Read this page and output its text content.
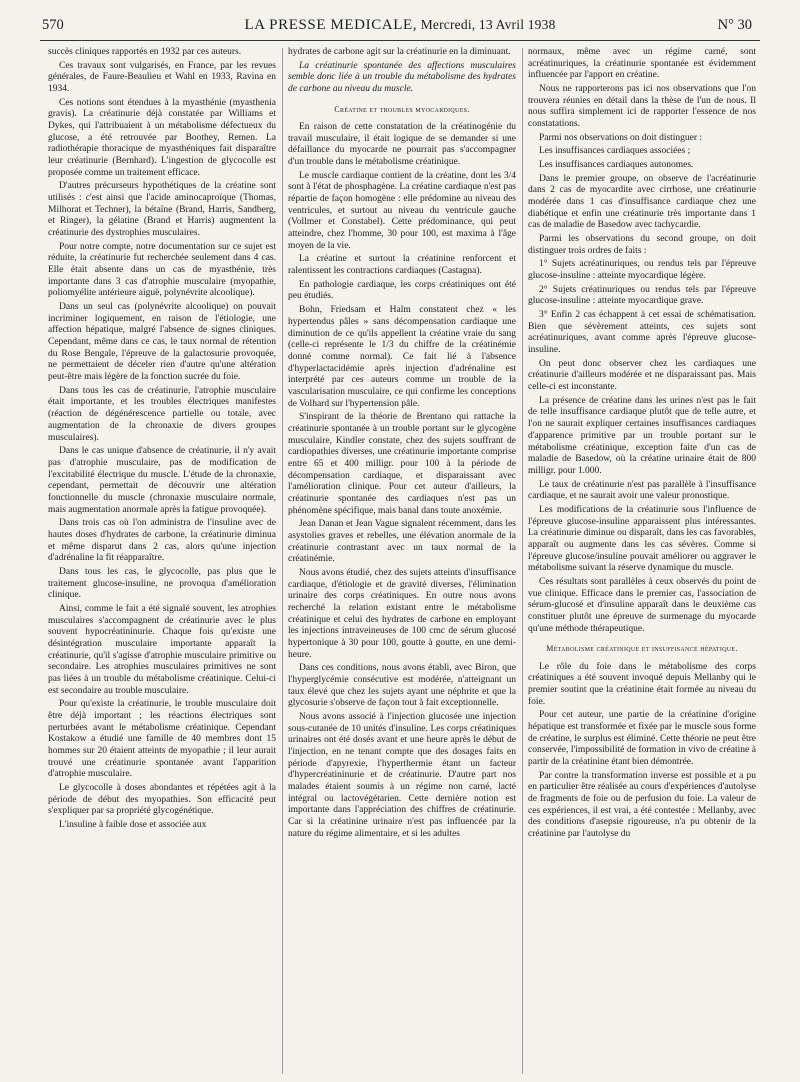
570	LA PRESSE MEDICALE, Mercredi, 13 Avril 1938	N° 30

succès cliniques rapportés en 1932 par ces auteurs.

Ces travaux sont vulgarisés, en France, par les revues générales, de Faure-Beaulieu et Wahl en 1933, Ravina en 1934.

Ces notions sont étendues à la myasthénie (myasthenia gravis). La créatinurie déjà constatée par Williams et Dykes, qui l'attribuaient à un métabolisme défectueux du glucose, a été retrouvée par Boothey, Remen. La radiothérapie thoracique de myasthéniques fait disparaître leur créatinurie (Bernhard). L'ingestion de glycocolle est proposée comme un traitement efficace.

D'autres précurseurs hypothétiques de la créatine sont utilisés : c'est ainsi que l'acide aminocaproïque (Thomas, Milhorat et Techner), la bétaïne (Brand, Harris, Sandberg, et Ringer), la gélatine (Brand et Harris) augmentent la créatinurie des dystrophies musculaires.

Pour notre compte, notre documentation sur ce sujet est réduite, la créatinurie fut recherchée seulement dans 4 cas. Elle était absente dans un cas de myasthénie, très importante dans 3 cas d'atrophie musculaire (myopathie, poliomyélite antérieure aiguë, polynévrite alcoolique).

Dans un seul cas (polynévrite alcoolique) on pouvait incriminer logiquement, en raison de l'étiologie, une affection hépatique, malgré l'absence de signes cliniques. Cependant, même dans ce cas, le taux normal de rétention du Rose Bengale, l'épreuve de la galactosurie provoquée, ne permettaient de déceler rien d'autre qu'une altération peut-être mais légère de la fonction sucrée du foie.

Dans tous les cas de créatinurie, l'atrophie musculaire était importante, et les troubles électriques manifestes (réaction de dégénérescence partielle ou totale, avec augmentation de la chronaxie de divers groupes musculaires).

Dans le cas unique d'absence de créatinurie, il n'y avait pas d'atrophie musculaire, pas de modification de l'excitabilité électrique du muscle. L'étude de la chronaxie, cependant, permettait de découvrir une altération fonctionnelle du muscle (chronaxie musculaire normale, mais augmentation anormale après la fatigue provoquée).

Dans trois cas où l'on administra de l'insuline avec de hautes doses d'hydrates de carbone, la créatinurie diminua et même disparut dans 2 cas, alors qu'une injection d'adrénaline la fit réapparaître.

Dans tous les cas, le glycocolle, pas plus que le traitement glucose-insuline, ne provoqua d'amélioration clinique.

Ainsi, comme le fait a été signalé souvent, les atrophies musculaires s'accompagnent de créatinurie avec le plus souvent hypocréatininurie. Chaque fois qu'existe une désintégration musculaire importante apparaît la créatinurie, qu'il s'agisse d'atrophie musculaire primitive ou secondaire. Les atrophies musculaires primitives ne sont pas liées à un trouble du métabolisme créatinique. Celui-ci est secondaire au trouble musculaire.

Pour qu'existe la créatinurie, le trouble musculaire doit être déjà important ; les réactions électriques sont perturbées avant le métabolisme créatinique. Cependant Kostakow a étudié une famille de 40 membres dont 15 hommes sur 20 étaient atteints de myopathie ; il leur aurait trouvé une créatinurie spontanée avant l'apparition d'atrophie musculaire.

Le glycocolle à doses abondantes et répétées agit à la période de début des myopathies. Son efficacité peut s'expliquer par sa propriété glycogénétique.

L'insuline à faible dose et associée aux

hydrates de carbone agit sur la créatinurie en la diminuant.

La créatinurie spontanée des affections musculaires semble donc liée à un trouble du métabolisme des hydrates de carbone au niveau du muscle.

Créatine et troubles myocardiques.

En raison de cette constatation de la créatinogénie du travail musculaire, il était logique de se demander si une défaillance du myocarde ne pourrait pas s'accompagner d'un trouble dans le métabolisme créatinique.

Le muscle cardiaque contient de la créatine, dont les 3/4 sont à l'état de phosphagène. La créatine cardiaque n'est pas répartie de façon homogène : elle prédomine au niveau des ventricules, et surtout au niveau du ventricule gauche (Vollmer et Constabel). Cette prédominance, qui peut atteindre, chez l'homme, 30 pour 100, est maxima à l'âge moyen de la vie.

La créatine et surtout la créatinine renforcent et ralentissent les contractions cardiaques (Castagna).

En pathologie cardiaque, les corps créatiniques ont été peu étudiés.

Bohn, Friedsam et Halm constatent chez « les hypertendus pâles » sans décompensation cardiaque une diminution de ce qu'ils appellent la créatine vraie du sang (celle-ci représente le 1/3 du chiffre de la créatinémie donné comme normal). Ce fait lié à l'absence d'hyperlactacidémie après injection d'adrénaline est interprété par ces auteurs comme un trouble de la vascularisation musculaire, ce qui confirme les conceptions de Volhard sur l'hypertension pâle.

S'inspirant de la théorie de Brentano qui rattache la créatinurie spontanée à un trouble portant sur le glycogène musculaire, Kindler constate, chez des sujets souffrant de cardiopathies diverses, une créatinurie importante comprise entre 65 et 400 milligr. pour 100 à la période de décompensation cardiaque, et disparaissant avec l'amélioration clinique. Pour cet auteur d'ailleurs, la créatinurie spontanée des cardiaques n'est pas un phénomène spécifique, mais banal dans toute anoxémie.

Jean Danan et Jean Vague signalent récemment, dans les asystolies graves et rebelles, une élévation anormale de la créatinurie contrastant avec un taux normal de la créatinémie.

Nous avons étudié, chez des sujets atteints d'insuffisance cardiaque, d'étiologie et de gravité diverses, l'élimination urinaire des corps créatiniques. En outre nous avons recherché la relation existant entre le métabolisme créatinique et celui des hydrates de carbone en employant les injections intraveineuses de 100 cmc de sérum glucosé hypertonique à 30 pour 100, goutte à goutte, en une demi-heure.

Dans ces conditions, nous avons établi, avec Biron, que l'hyperglycémie consécutive est modérée, n'atteignant un taux élevé que chez les sujets ayant une néphrite et que la glycosurie s'observe de façon tout à fait exceptionnelle.

Nous avons associé à l'injection glucosée une injection sous-cutanée de 10 unités d'insuline. Les corps créatiniques urinaires ont été dosés avant et une heure après le début de l'injection, en ne tenant compte que des dosages faits en période d'apyrexie, l'hyperthermie étant un facteur d'hypercréatininurie et de créatinurie. D'autre part nos malades étaient soumis à un régime non carné, lacté intégral ou lactovégétarien. Cette dernière notion est importante dans l'appréciation des chiffres de créatinurie. Car si la créatinine urinaire n'est pas influencée par la nature du régime alimentaire, et si les adultes

normaux, même avec un régime carné, sont acréatinuriques, la créatinurie spontanée est évidemment influencée par l'apport en créatine.

Nous ne rapporterons pas ici nos observations que l'on trouvera réunies en détail dans la thèse de l'un de nous. Il nous suffira simplement ici de rapporter l'essence de nos constatations.

Parmi nos observations on doit distinguer :

Les insuffisances cardiaques associées ;

Les insuffisances cardiaques autonomes.

Dans le premier groupe, on observe de l'acréatinurie dans 2 cas de myocardite avec cirrhose, une créatinurie modérée dans 1 cas d'insuffisance cardiaque chez une diabétique et enfin une créatinurie très importante dans 1 cas de maladie de Basedow avec tachycardie.

Parmi les observations du second groupe, on doit distinguer trois ordres de faits :

1° Sujets acréatinuriques, ou rendus tels par l'épreuve glucose-insuline : atteinte myocardique légère.

2° Sujets créatinuriques ou rendus tels par l'épreuve glucose-insuline : atteinte myocardique grave.

3° Enfin 2 cas échappent à cet essai de schématisation. Bien que sévèrement atteints, ces sujets sont acréatinuriques, avant comme après l'épreuve glucose-insuline.

On peut donc observer chez les cardiaques une créatinurie d'ailleurs modérée et ne disparaissant pas. Mais celle-ci est inconstante.

La présence de créatine dans les urines n'est pas le fait de telle insuffisance cardiaque plutôt que de telle autre, et l'on ne saurait expliquer certaines insuffisances cardiaques d'apparence primitive par un trouble portant sur le métabolisme créatinique, exception faite d'un cas de maladie de Basedow, où la créatine urinaire était de 800 milligr. pour 1.000.

Le taux de créatinurie n'est pas parallèle à l'insuffisance cardiaque, et ne saurait avoir une valeur pronostique.

Les modifications de la créatinurie sous l'influence de l'épreuve glucose-insuline apparaissent plus intéressantes. La créatinurie diminue ou disparaît, dans les cas favorables, apparaît ou augmente dans les cas sévères. Comme si l'épreuve glucose/insuline pouvait améliorer ou aggraver le métabolisme suivant la réserve dynamique du muscle.

Ces résultats sont parallèles à ceux observés du point de vue clinique. Efficace dans le premier cas, l'association de sérum-glucosé et d'insuline apparaît dans le deuxième cas constituer plutôt une épreuve de surmenage du myocarde qu'une méthode thérapeutique.

Métabolisme créatinique et insuffisance hépatique.

Le rôle du foie dans le métabolisme des corps créatiniques a été souvent invoqué depuis Mellanby qui le premier soutint que la créatinine était formée au niveau du foie.

Pour cet auteur, une partie de la créatinine d'origine hépatique est transformée et fixée par le muscle sous forme de créatine, le surplus est éliminé. Cette théorie ne peut être conservée, l'impossibilité de formation in vivo de créatine à partir de la créatinine étant bien démontrée.

Par contre la transformation inverse est possible et a pu en particulier être réalisée au cours d'expériences d'autolyse de fragments de foie ou de perfusion du foie. La valeur de ces expériences, il est vrai, a été contestée : Mellanby, avec des conditions d'asepsie rigoureuse, n'a pu obtenir de la créatinine par l'autolyse du
